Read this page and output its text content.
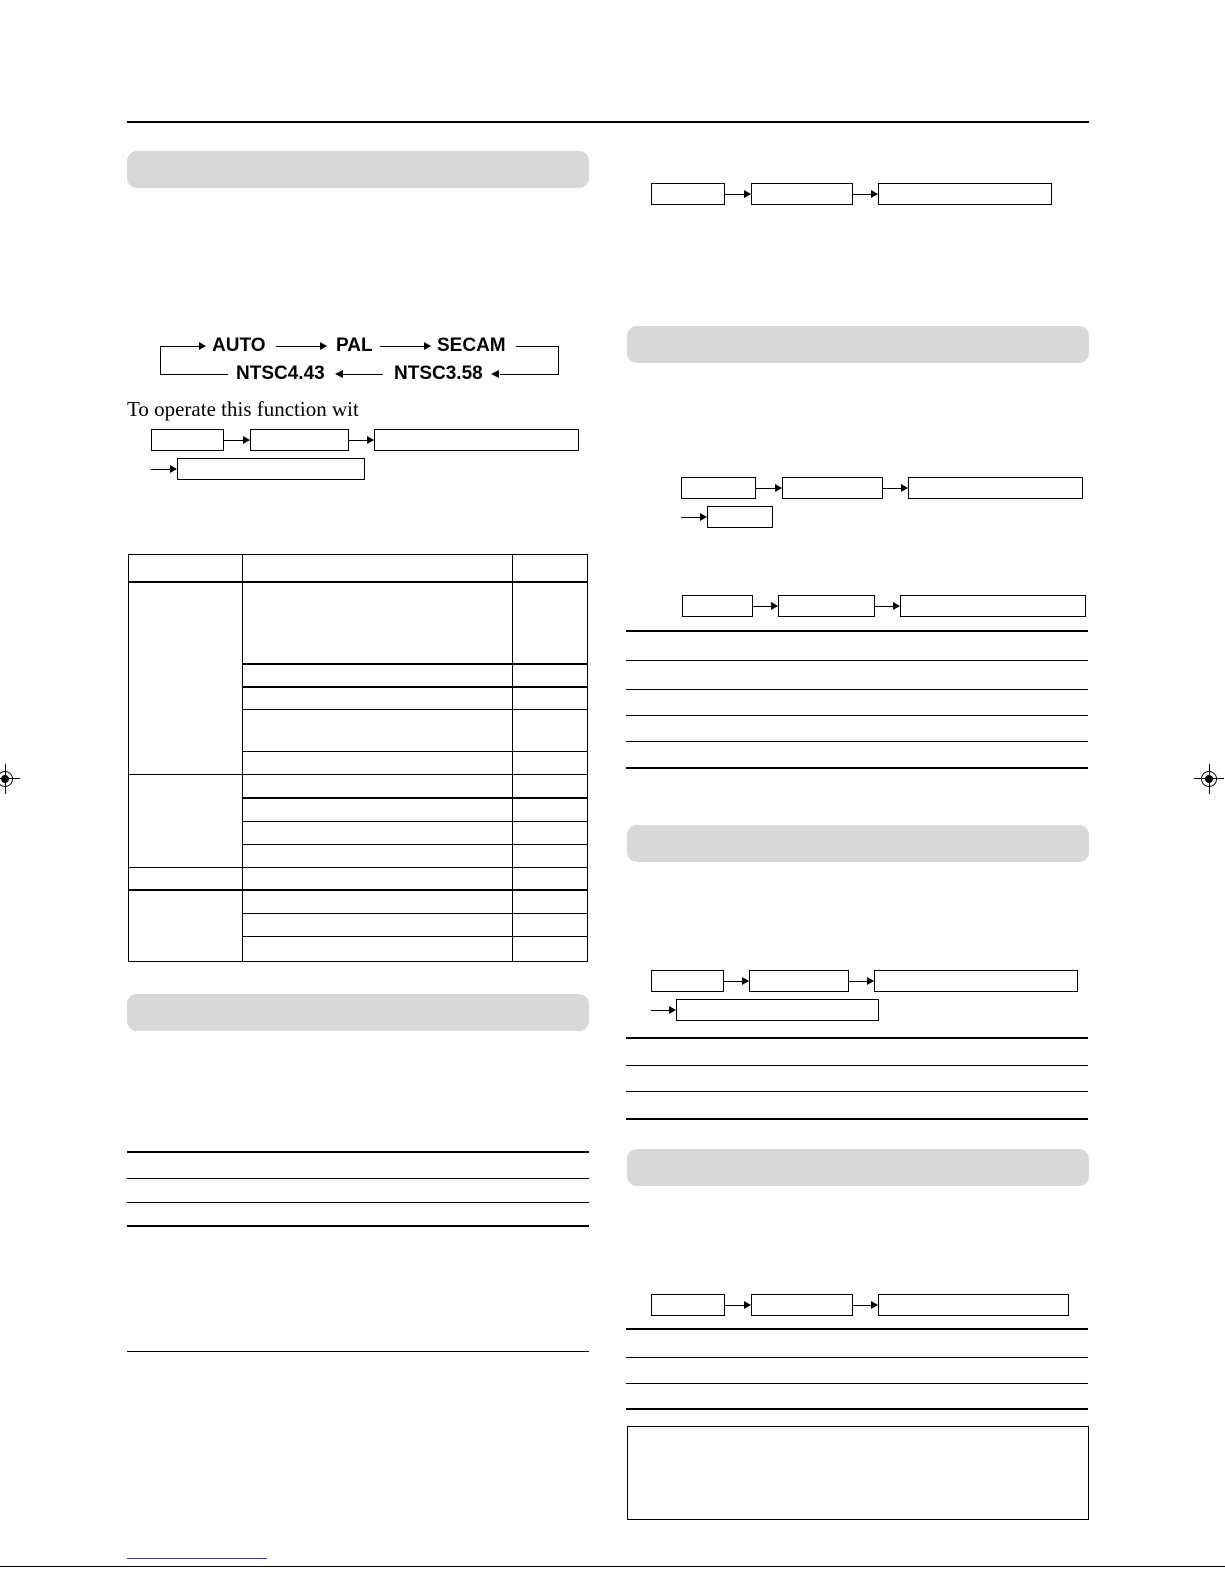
AUTO	PAL	SECAM
NTSC3.58
NTSC4.43
To operate this function wit
